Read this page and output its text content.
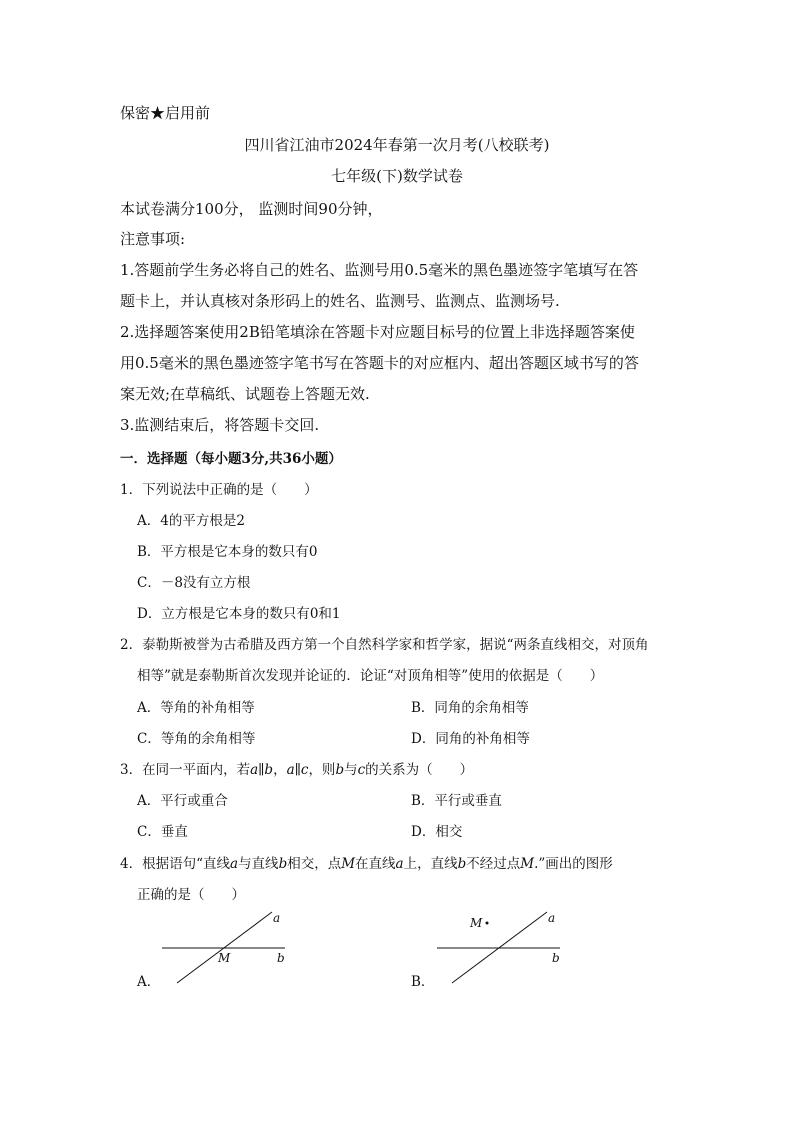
保密★启用前
四川省江油市2024年春第一次月考(八校联考)
七年级(下)数学试卷
本试卷满分100分， 监测时间90分钟，
注意事项:
1.答题前学生务必将自己的姓名、监测号用0.5毫米的黑色墨迹签字笔填写在答
题卡上，并认真核对条形码上的姓名、监测号、监测点、监测场号.
2.选择题答案使用2B铅笔填涂在答题卡对应题目标号的位置上非选择题答案使
用0.5毫米的黑色墨迹签字笔书写在答题卡的对应框内、超出答题区域书写的答
案无效;在草稿纸、试题卷上答题无效.
3.监测结束后，将答题卡交回.
一．选择题（每小题3分,共36小题）
1．下列说法中正确的是（　　）
A．4的平方根是2
B．平方根是它本身的数只有0
C．－8没有立方根
D．立方根是它本身的数只有0和1
2．泰勒斯被誉为古希腊及西方第一个自然科学家和哲学家，据说“两条直线相交，对顶角
相等”就是泰勒斯首次发现并论证的．论证“对顶角相等”使用的依据是（　　）
A．等角的补角相等	B．同角的余角相等
C．等角的余角相等	D．同角的补角相等
3．在同一平面内，若a∥b，a∥c，则b与c的关系为（　　）
A．平行或重合	B．平行或垂直
C．垂直	D．相交
4．根据语句“直线a与直线b相交，点M在直线a上，直线b不经过点M.”画出的图形
正确的是（　　）
A．
a
b
M
B．
M	a
b
